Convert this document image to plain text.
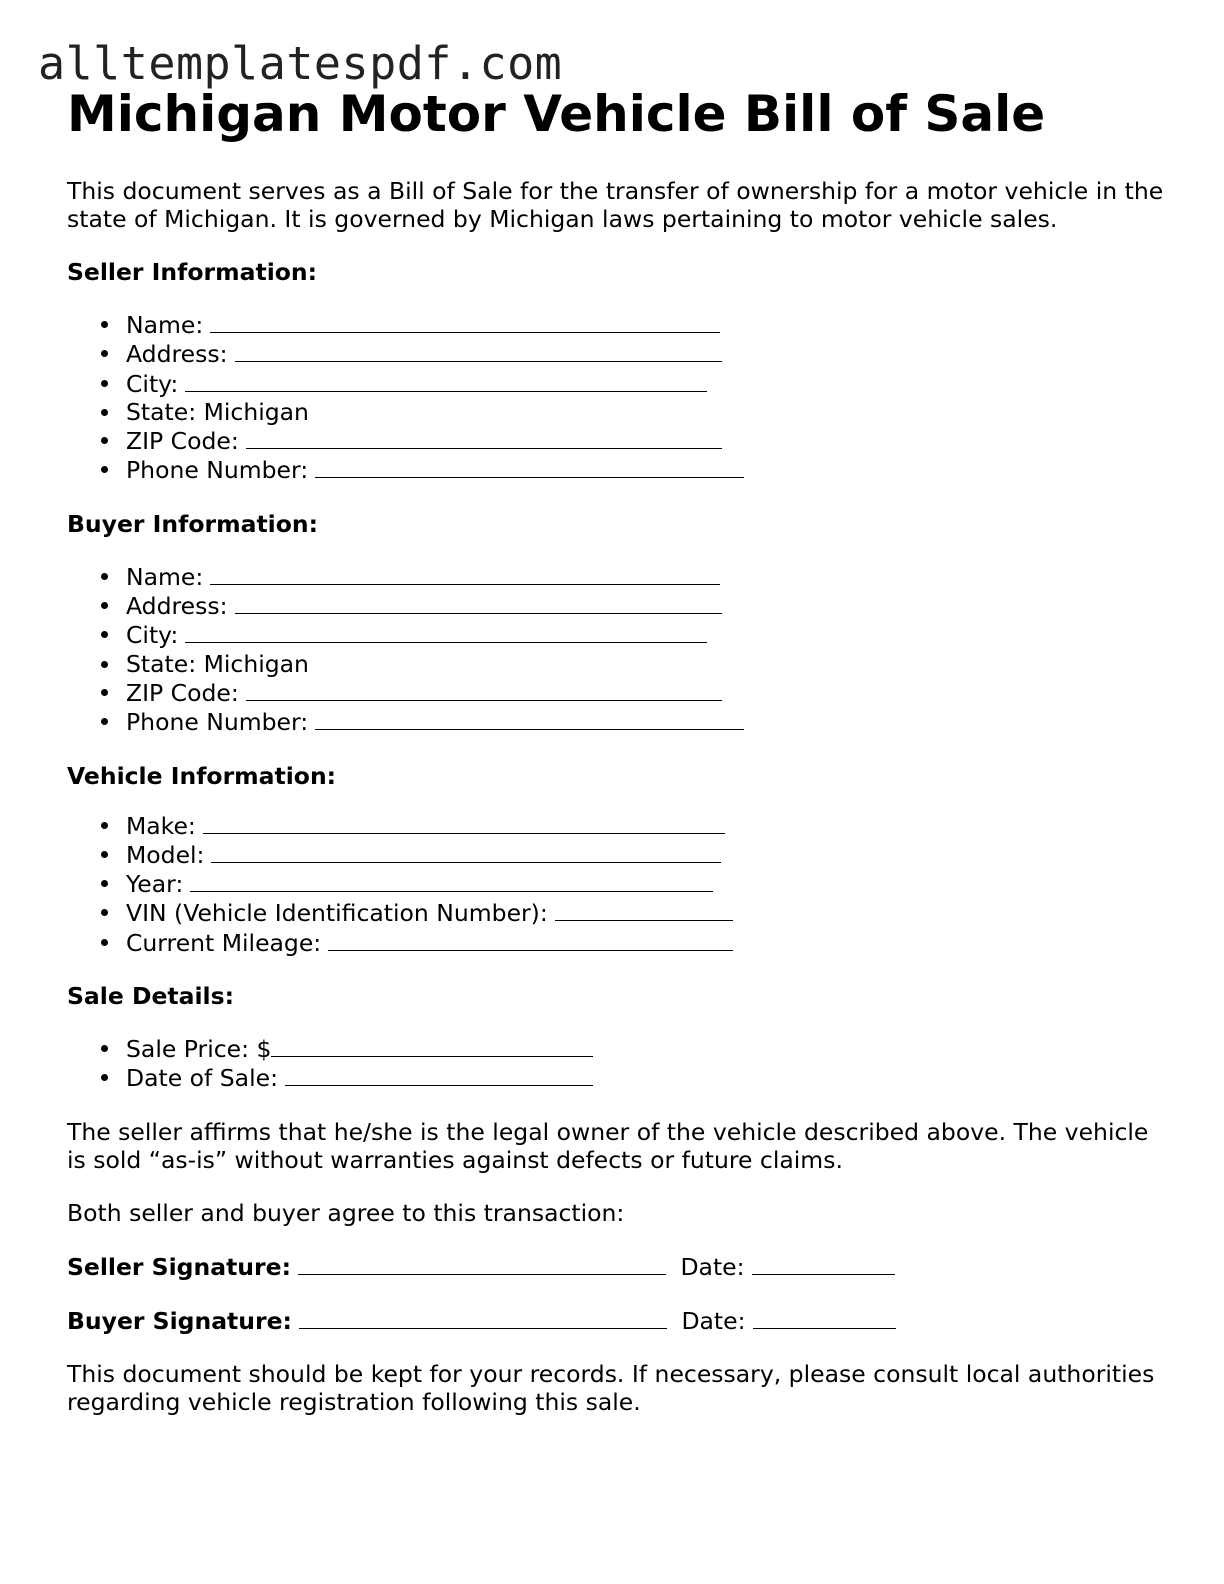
alltemplatespdf.com
Michigan Motor Vehicle Bill of Sale

This document serves as a Bill of Sale for the transfer of ownership for a motor vehicle in the state of Michigan. It is governed by Michigan laws pertaining to motor vehicle sales.

Seller Information:
Name:
Address:
City:
State: Michigan
ZIP Code:
Phone Number:
Buyer Information:
Name:
Address:
City:
State: Michigan
ZIP Code:
Phone Number:
Vehicle Information:
Make:
Model:
Year:
VIN (Vehicle Identification Number):
Current Mileage:
Sale Details:
Sale Price: $
Date of Sale:

The seller affirms that he/she is the legal owner of the vehicle described above. The vehicle is sold “as-is” without warranties against defects or future claims.

Both seller and buyer agree to this transaction:

Seller Signature:	Date:
Buyer Signature:	Date:

This document should be kept for your records. If necessary, please consult local authorities regarding vehicle registration following this sale.
